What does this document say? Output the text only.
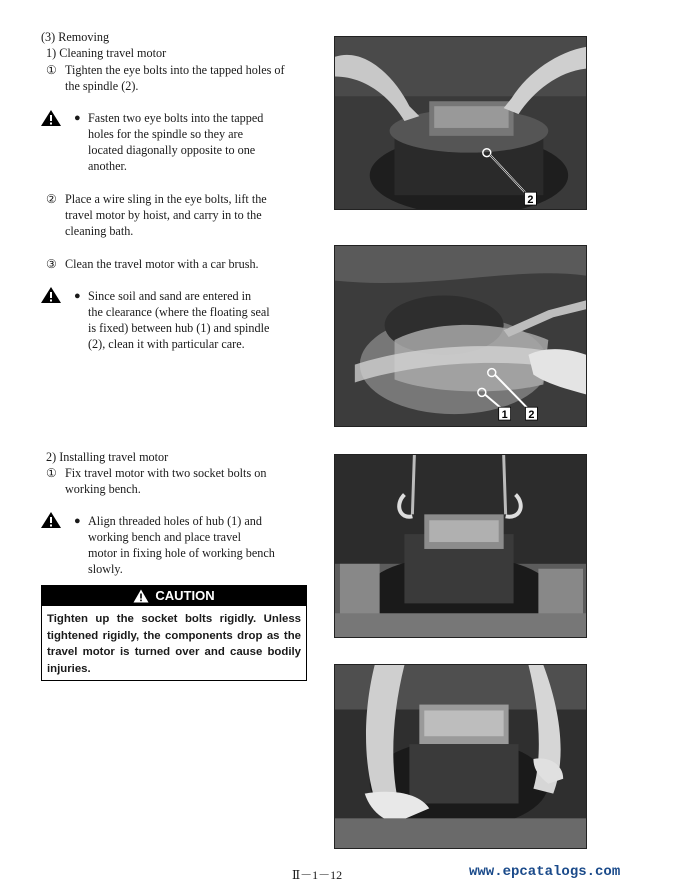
(3) Removing
1) Cleaning travel motor
① Tighten the eye bolts into the tapped holes of
the spindle (2).
● Fasten two eye bolts into the tapped
holes for the spindle so they are
located diagonally opposite to one
another.
② Place a wire sling in the eye bolts, lift the
travel motor by hoist, and carry in to the
cleaning bath.
③ Clean the travel motor with a car brush.
● Since soil and sand are entered in
the clearance (where the floating seal
is fixed) between hub (1) and spindle
(2), clean it with particular care.
2) Installing travel motor
① Fix travel motor with two socket bolts on
working bench.
● Align threaded holes of hub (1) and
working bench and place travel
motor in fixing hole of working bench
slowly.
CAUTION
Tighten up the socket bolts rigidly. Unless tightened rigidly, the components drop as the travel motor is turned over and cause bodily injuries.
2
1 2
Ⅱ－1－12	www.epcatalogs.com
